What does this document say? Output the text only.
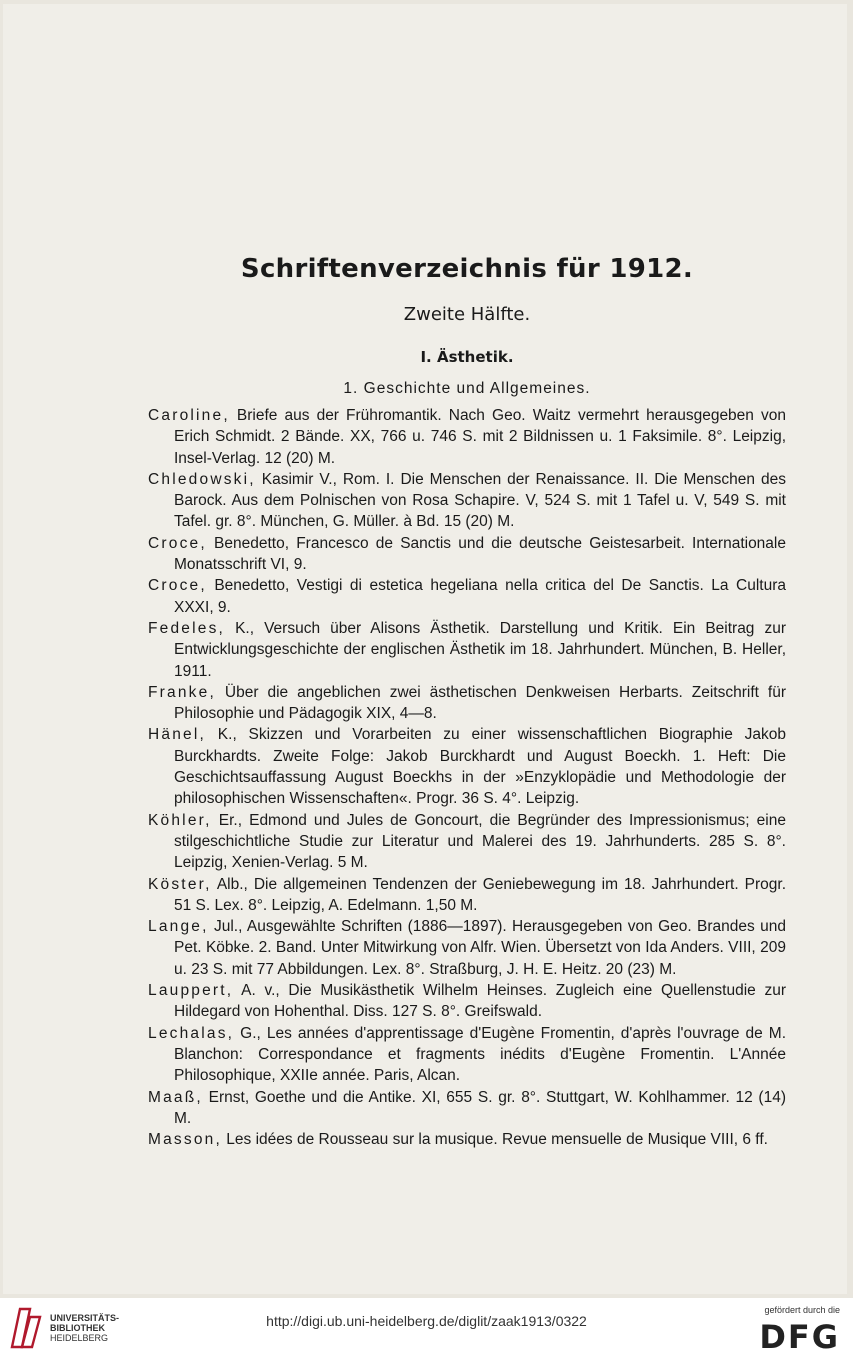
Schriftenverzeichnis für 1912.
Zweite Hälfte.
I. Ästhetik.
1. Geschichte und Allgemeines.
Caroline, Briefe aus der Frühromantik. Nach Geo. Waitz vermehrt herausgegeben von Erich Schmidt. 2 Bände. XX, 766 u. 746 S. mit 2 Bildnissen u. 1 Faksimile. 8°. Leipzig, Insel-Verlag. 12 (20) M.
Chledowski, Kasimir V., Rom. I. Die Menschen der Renaissance. II. Die Menschen des Barock. Aus dem Polnischen von Rosa Schapire. V, 524 S. mit 1 Tafel u. V, 549 S. mit Tafel. gr. 8°. München, G. Müller. à Bd. 15 (20) M.
Croce, Benedetto, Francesco de Sanctis und die deutsche Geistesarbeit. Internationale Monatsschrift VI, 9.
Croce, Benedetto, Vestigi di estetica hegeliana nella critica del De Sanctis. La Cultura XXXI, 9.
Fedeles, K., Versuch über Alisons Ästhetik. Darstellung und Kritik. Ein Beitrag zur Entwicklungsgeschichte der englischen Ästhetik im 18. Jahrhundert. München, B. Heller, 1911.
Franke, Über die angeblichen zwei ästhetischen Denkweisen Herbarts. Zeitschrift für Philosophie und Pädagogik XIX, 4—8.
Hänel, K., Skizzen und Vorarbeiten zu einer wissenschaftlichen Biographie Jakob Burckhardts. Zweite Folge: Jakob Burckhardt und August Boeckh. 1. Heft: Die Geschichtsauffassung August Boeckhs in der »Enzyklopädie und Methodologie der philosophischen Wissenschaften«. Progr. 36 S. 4°. Leipzig.
Köhler, Er., Edmond und Jules de Goncourt, die Begründer des Impressionismus; eine stilgeschichtliche Studie zur Literatur und Malerei des 19. Jahrhunderts. 285 S. 8°. Leipzig, Xenien-Verlag. 5 M.
Köster, Alb., Die allgemeinen Tendenzen der Geniebewegung im 18. Jahrhundert. Progr. 51 S. Lex. 8°. Leipzig, A. Edelmann. 1,50 M.
Lange, Jul., Ausgewählte Schriften (1886—1897). Herausgegeben von Geo. Brandes und Pet. Köbke. 2. Band. Unter Mitwirkung von Alfr. Wien. Übersetzt von Ida Anders. VIII, 209 u. 23 S. mit 77 Abbildungen. Lex. 8°. Straßburg, J. H. E. Heitz. 20 (23) M.
Lauppert, A. v., Die Musikästhetik Wilhelm Heinses. Zugleich eine Quellenstudie zur Hildegard von Hohenthal. Diss. 127 S. 8°. Greifswald.
Lechalas, G., Les années d'apprentissage d'Eugène Fromentin, d'après l'ouvrage de M. Blanchon: Correspondance et fragments inédits d'Eugène Fromentin. L'Année Philosophique, XXIIe année. Paris, Alcan.
Maaß, Ernst, Goethe und die Antike. XI, 655 S. gr. 8°. Stuttgart, W. Kohlhammer. 12 (14) M.
Masson, Les idées de Rousseau sur la musique. Revue mensuelle de Musique VIII, 6 ff.
UNIVERSITÄTS-
BIBLIOTHEK
HEIDELBERG
http://digi.ub.uni-heidelberg.de/diglit/zaak1913/0322
gefördert durch die
DFG
